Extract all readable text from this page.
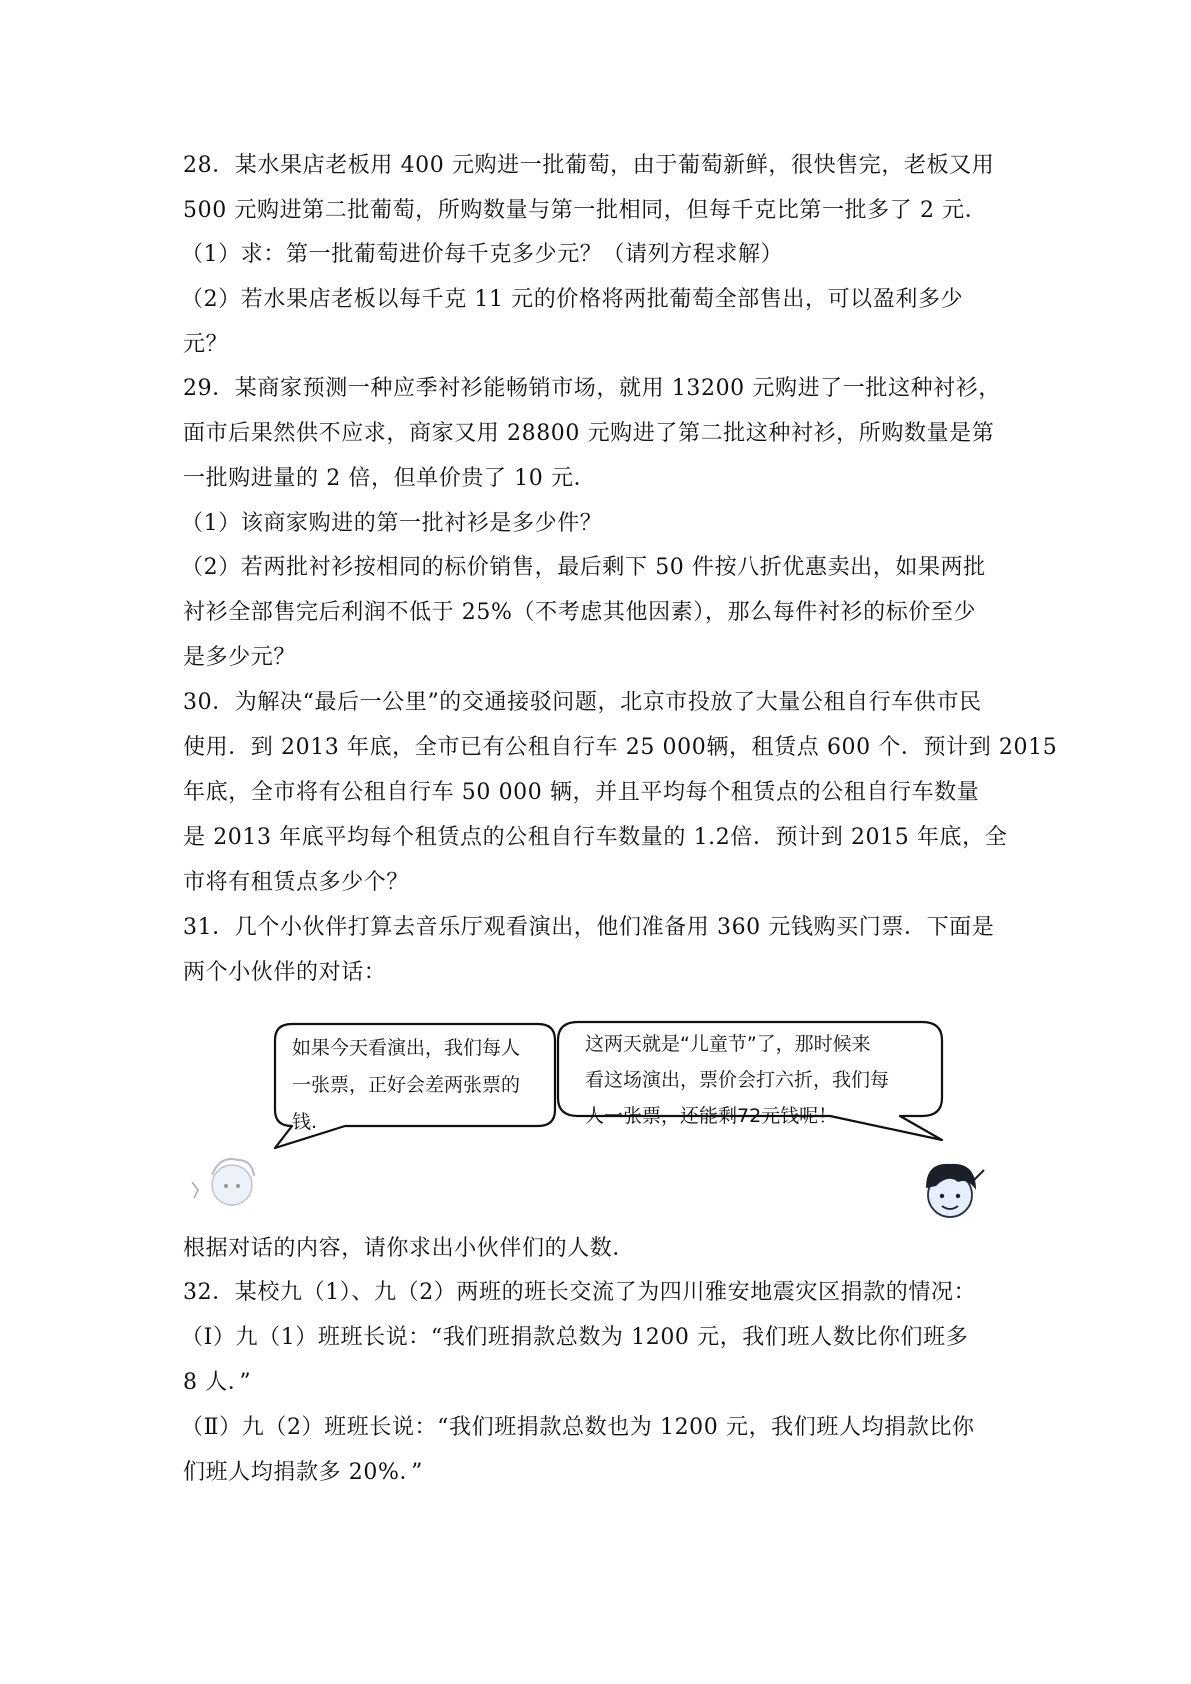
28．某水果店老板用 400 元购进一批葡萄，由于葡萄新鲜，很快售完，老板又用
500 元购进第二批葡萄，所购数量与第一批相同，但每千克比第一批多了 2 元．
（1）求：第一批葡萄进价每千克多少元？（请列方程求解）
（2）若水果店老板以每千克 11 元的价格将两批葡萄全部售出，可以盈利多少
元？
29．某商家预测一种应季衬衫能畅销市场，就用 13200 元购进了一批这种衬衫，
面市后果然供不应求，商家又用 28800 元购进了第二批这种衬衫，所购数量是第
一批购进量的 2 倍，但单价贵了 10 元．
（1）该商家购进的第一批衬衫是多少件？
（2）若两批衬衫按相同的标价销售，最后剩下 50 件按八折优惠卖出，如果两批
衬衫全部售完后利润不低于 25%（不考虑其他因素），那么每件衬衫的标价至少
是多少元？
30．为解决“最后一公里”的交通接驳问题，北京市投放了大量公租自行车供市民
使用．到 2013 年底，全市已有公租自行车 25 000辆，租赁点 600 个．预计到 2015
年底，全市将有公租自行车 50 000 辆，并且平均每个租赁点的公租自行车数量
是 2013 年底平均每个租赁点的公租自行车数量的 1.2倍．预计到 2015 年底，全
市将有租赁点多少个？
31．几个小伙伴打算去音乐厅观看演出，他们准备用 360 元钱购买门票．下面是
两个小伙伴的对话：
如果今天看演出，我们每人
一张票，正好会差两张票的
钱.
这两天就是“儿童节”了，那时候来
看这场演出，票价会打六折，我们每
人一张票，还能剩72元钱呢！
根据对话的内容，请你求出小伙伴们的人数．
32．某校九（1）、九（2）两班的班长交流了为四川雅安地震灾区捐款的情况：
（Ⅰ）九（1）班班长说：“我们班捐款总数为 1200 元，我们班人数比你们班多
8 人．”
（Ⅱ）九（2）班班长说：“我们班捐款总数也为 1200 元，我们班人均捐款比你
们班人均捐款多 20%．”
